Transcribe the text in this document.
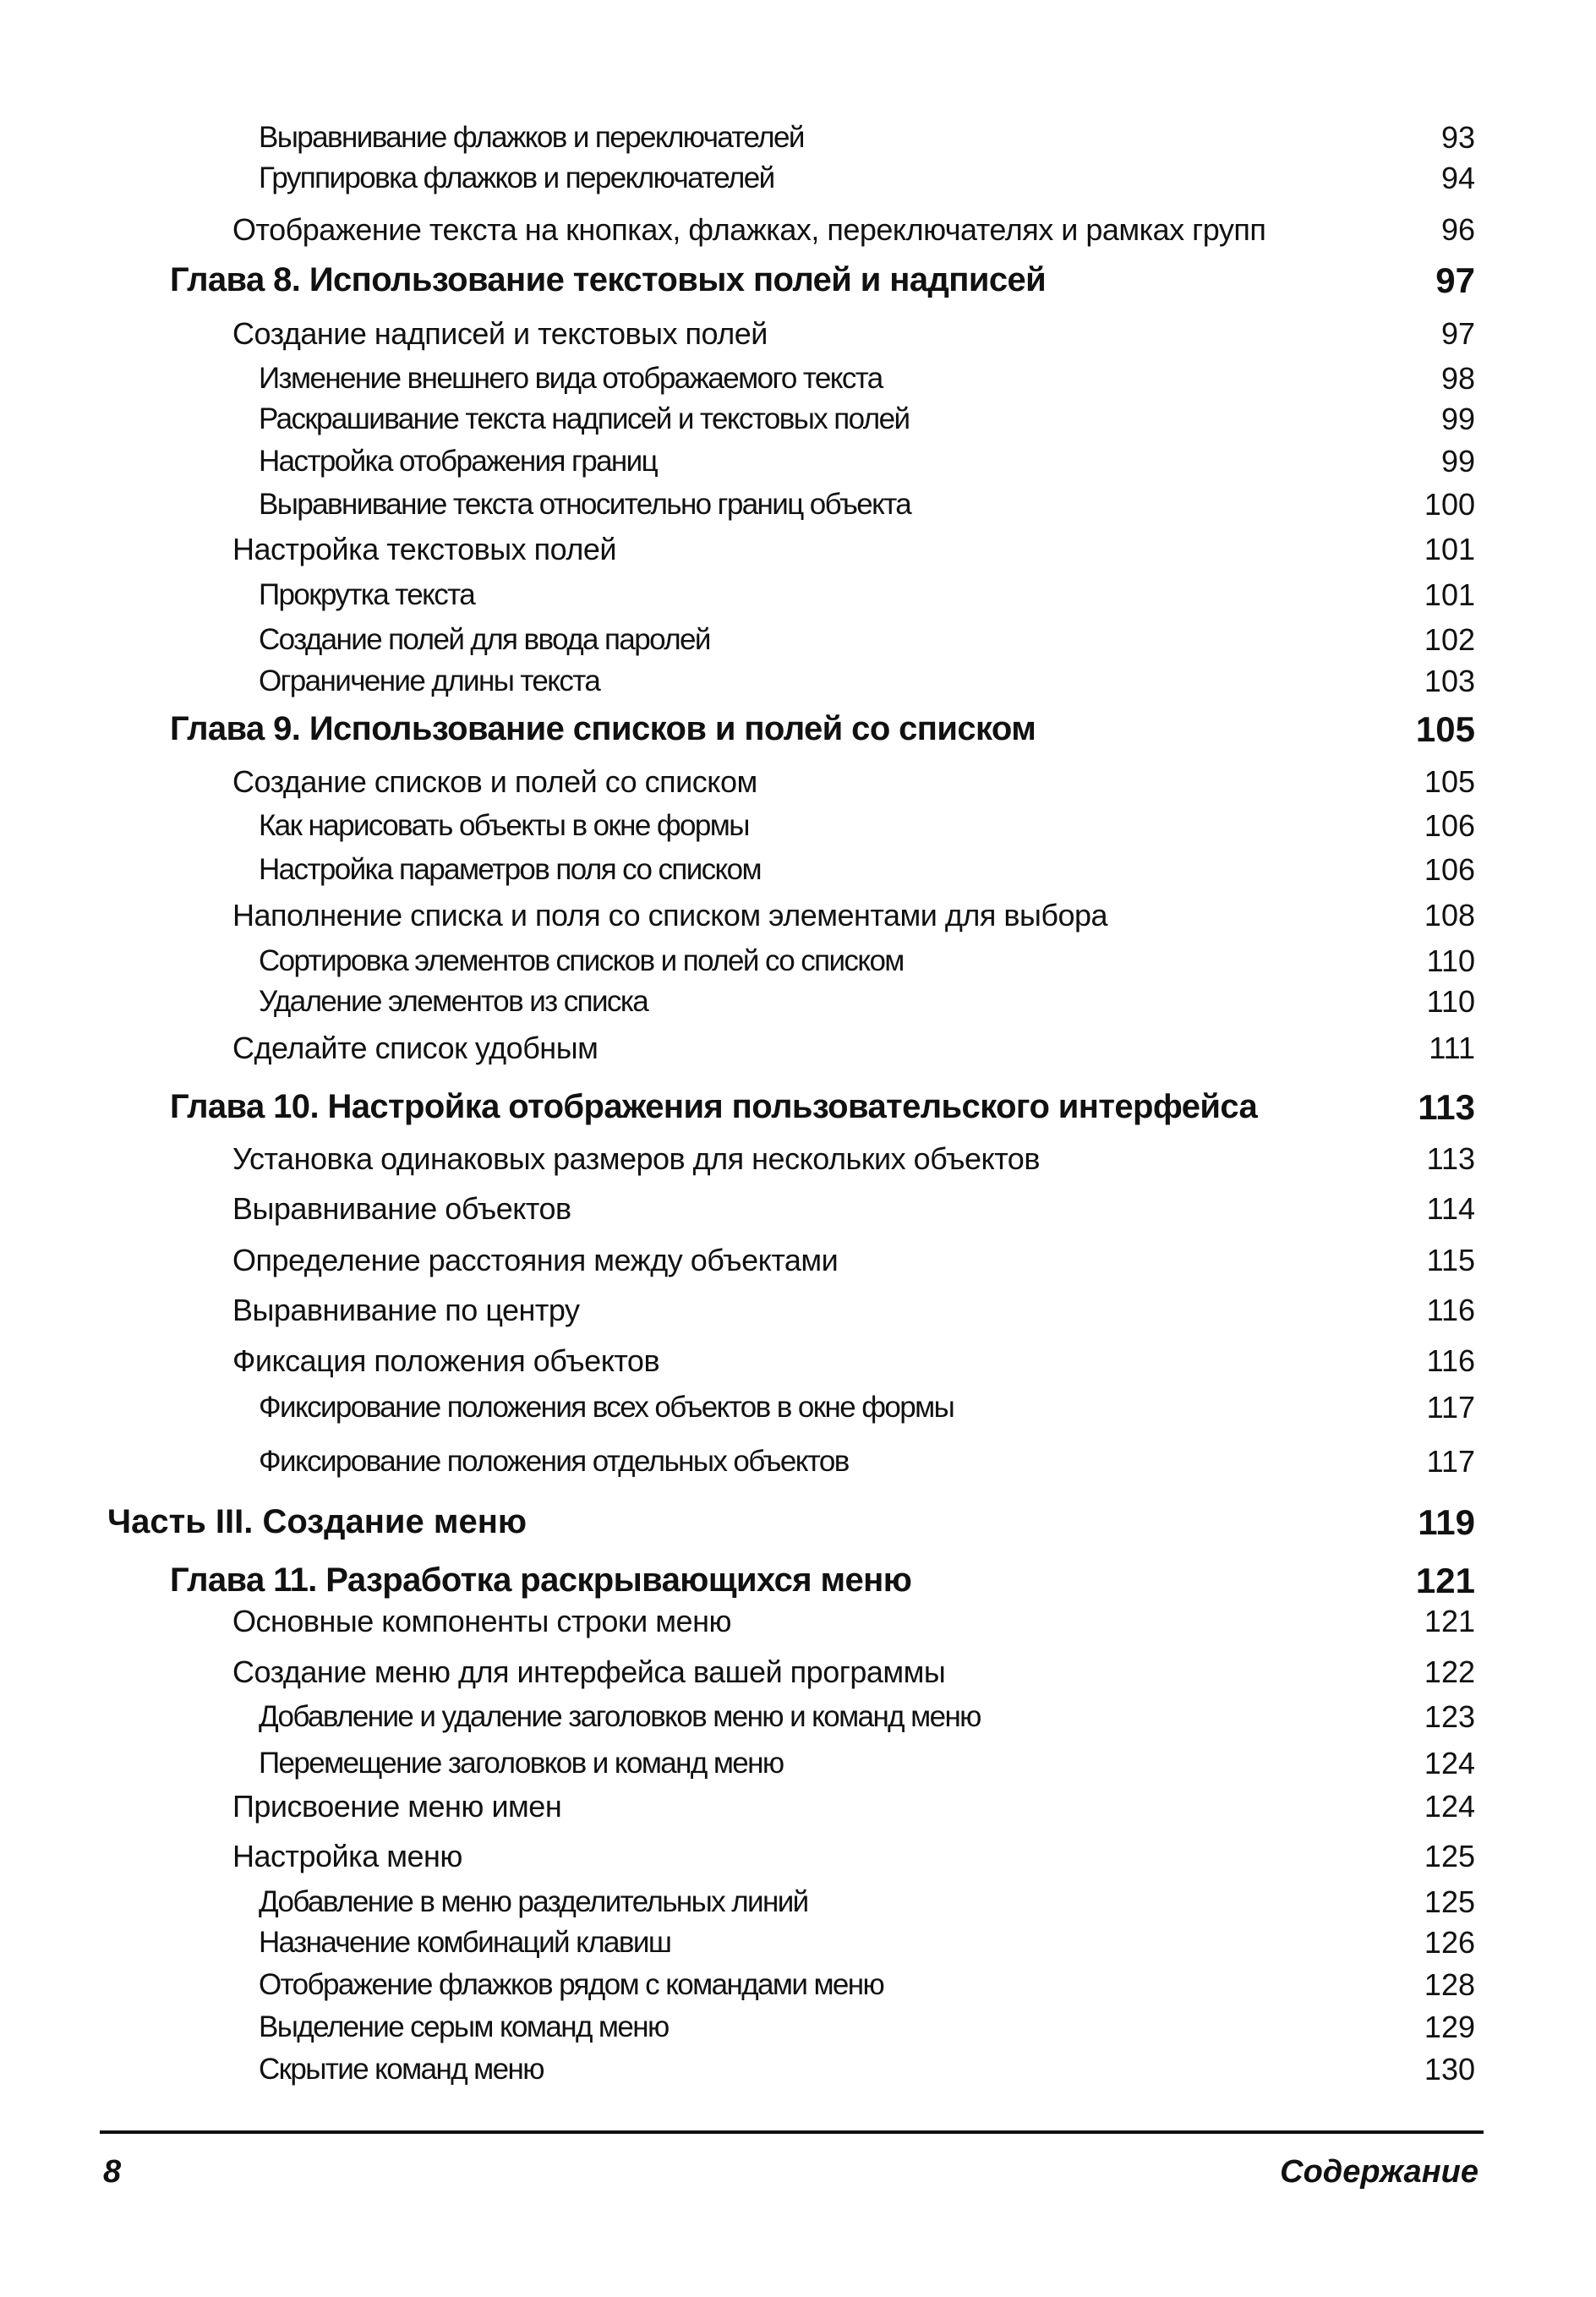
Выравнивание флажков и переключателей	93
Группировка флажков и переключателей	94
Отображение текста на кнопках, флажках, переключателях и рамках групп	96
Глава 8. Использование текстовых полей и надписей	97
Создание надписей и текстовых полей	97
Изменение внешнего вида отображаемого текста	98
Раскрашивание текста надписей и текстовых полей	99
Настройка отображения границ	99
Выравнивание текста относительно границ объекта	100
Настройка текстовых полей	101
Прокрутка текста	101
Создание полей для ввода паролей	102
Ограничение длины текста	103
Глава 9. Использование списков и полей со списком	105
Создание списков и полей со списком	105
Как нарисовать объекты в окне формы	106
Настройка параметров поля со списком	106
Наполнение списка и поля со списком элементами для выбора	108
Сортировка элементов списков и полей со списком	110
Удаление элементов из списка	110
Сделайте список удобным	111
Глава 10. Настройка отображения пользовательского интерфейса	113
Установка одинаковых размеров для нескольких объектов	113
Выравнивание объектов	114
Определение расстояния между объектами	115
Выравнивание по центру	116
Фиксация положения объектов	116
Фиксирование положения всех объектов в окне формы	117
Фиксирование положения отдельных объектов	117
Часть III. Создание меню	119
Глава 11. Разработка раскрывающихся меню	121
Основные компоненты строки меню	121
Создание меню для интерфейса вашей программы	122
Добавление и удаление заголовков меню и команд меню	123
Перемещение заголовков и команд меню	124
Присвоение меню имен	124
Настройка меню	125
Добавление в меню разделительных линий	125
Назначение комбинаций клавиш	126
Отображение флажков рядом с командами меню	128
Выделение серым команд меню	129
Скрытие команд меню	130
8	Содержание
